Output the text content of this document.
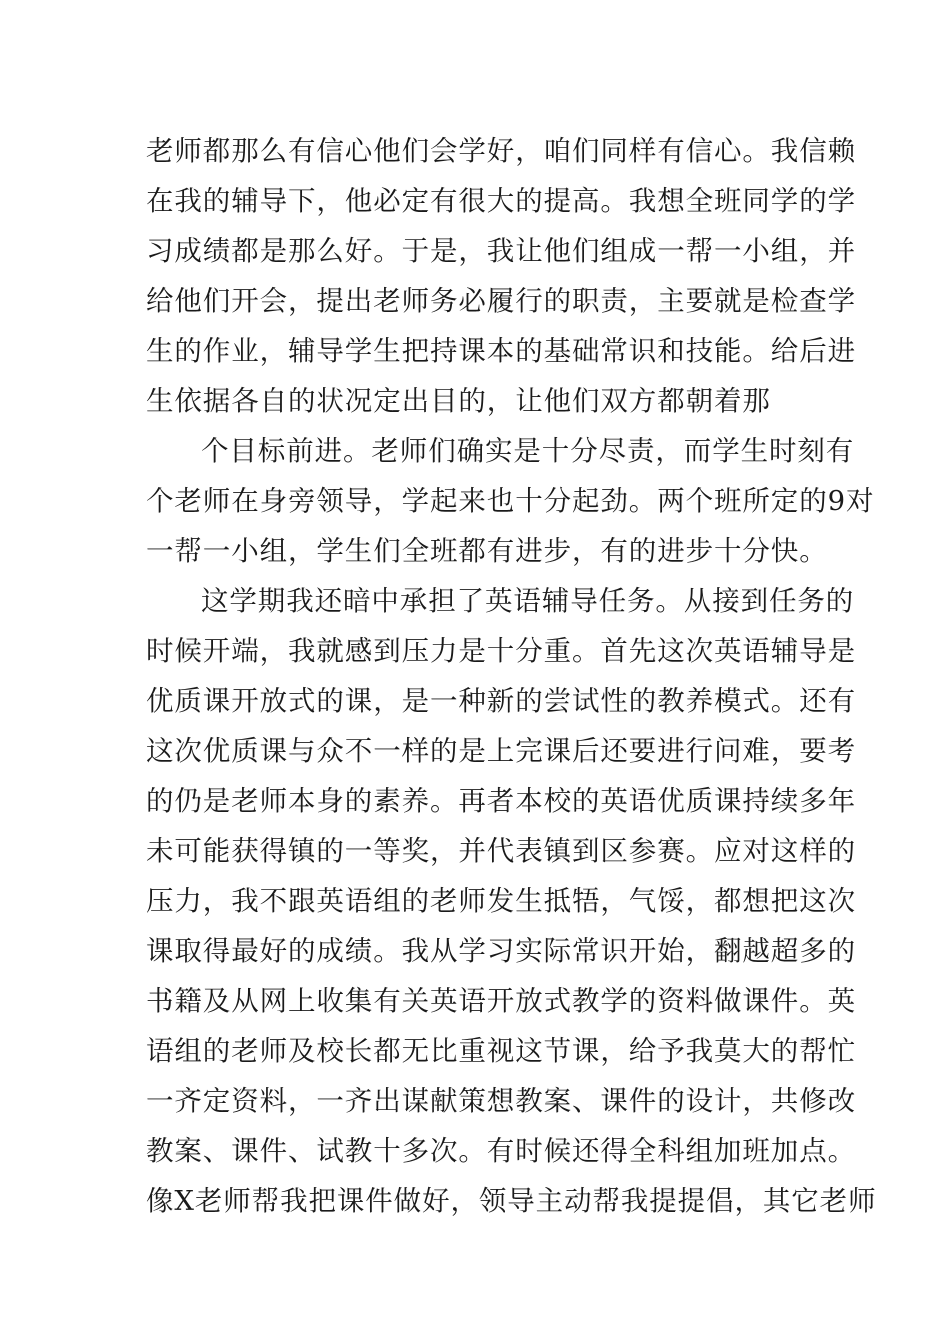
老师都那么有信心他们会学好，咱们同样有信心。我信赖
在我的辅导下，他必定有很大的提高。我想全班同学的学
习成绩都是那么好。于是，我让他们组成一帮一小组，并
给他们开会，提出老师务必履行的职责，主要就是检查学
生的作业，辅导学生把持课本的基础常识和技能。给后进
生依据各自的状况定出目的，让他们双方都朝着那
个目标前进。老师们确实是十分尽责，而学生时刻有
个老师在身旁领导，学起来也十分起劲。两个班所定的9对
一帮一小组，学生们全班都有进步，有的进步十分快。
这学期我还暗中承担了英语辅导任务。从接到任务的
时候开端，我就感到压力是十分重。首先这次英语辅导是
优质课开放式的课，是一种新的尝试性的教养模式。还有
这次优质课与众不一样的是上完课后还要进行问难，要考
的仍是老师本身的素养。再者本校的英语优质课持续多年
未可能获得镇的一等奖，并代表镇到区参赛。应对这样的
压力，我不跟英语组的老师发生抵牾，气馁，都想把这次
课取得最好的成绩。我从学习实际常识开始，翻越超多的
书籍及从网上收集有关英语开放式教学的资料做课件。英
语组的老师及校长都无比重视这节课，给予我莫大的帮忙
一齐定资料，一齐出谋献策想教案、课件的设计，共修改
教案、课件、试教十多次。有时候还得全科组加班加点。
像X老师帮我把课件做好，领导主动帮我提提倡，其它老师
